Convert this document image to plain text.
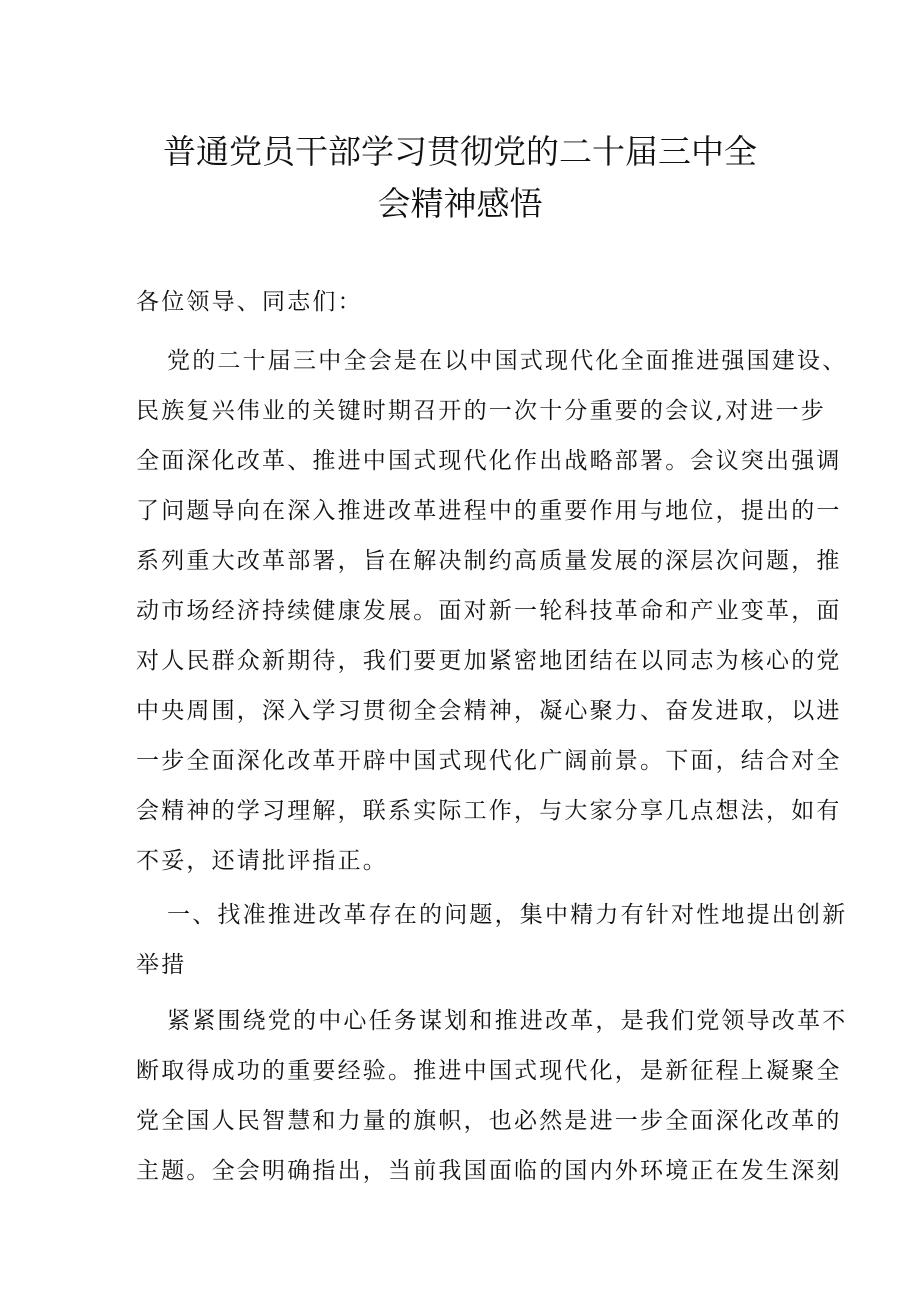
普通党员干部学习贯彻党的二十届三中全
会精神感悟
各位领导、同志们：
党的二十届三中全会是在以中国式现代化全面推进强国建设、
民族复兴伟业的关键时期召开的一次十分重要的会议,对进一步
全面深化改革、推进中国式现代化作出战略部署。会议突出强调
了问题导向在深入推进改革进程中的重要作用与地位，提出的一
系列重大改革部署，旨在解决制约高质量发展的深层次问题，推
动市场经济持续健康发展。面对新一轮科技革命和产业变革，面
对人民群众新期待，我们要更加紧密地团结在以同志为核心的党
中央周围，深入学习贯彻全会精神，凝心聚力、奋发进取，以进
一步全面深化改革开辟中国式现代化广阔前景。下面，结合对全
会精神的学习理解，联系实际工作，与大家分享几点想法，如有
不妥，还请批评指正。
一、找准推进改革存在的问题，集中精力有针对性地提出创新
举措
紧紧围绕党的中心任务谋划和推进改革，是我们党领导改革不
断取得成功的重要经验。推进中国式现代化，是新征程上凝聚全
党全国人民智慧和力量的旗帜，也必然是进一步全面深化改革的
主题。全会明确指出，当前我国面临的国内外环境正在发生深刻
